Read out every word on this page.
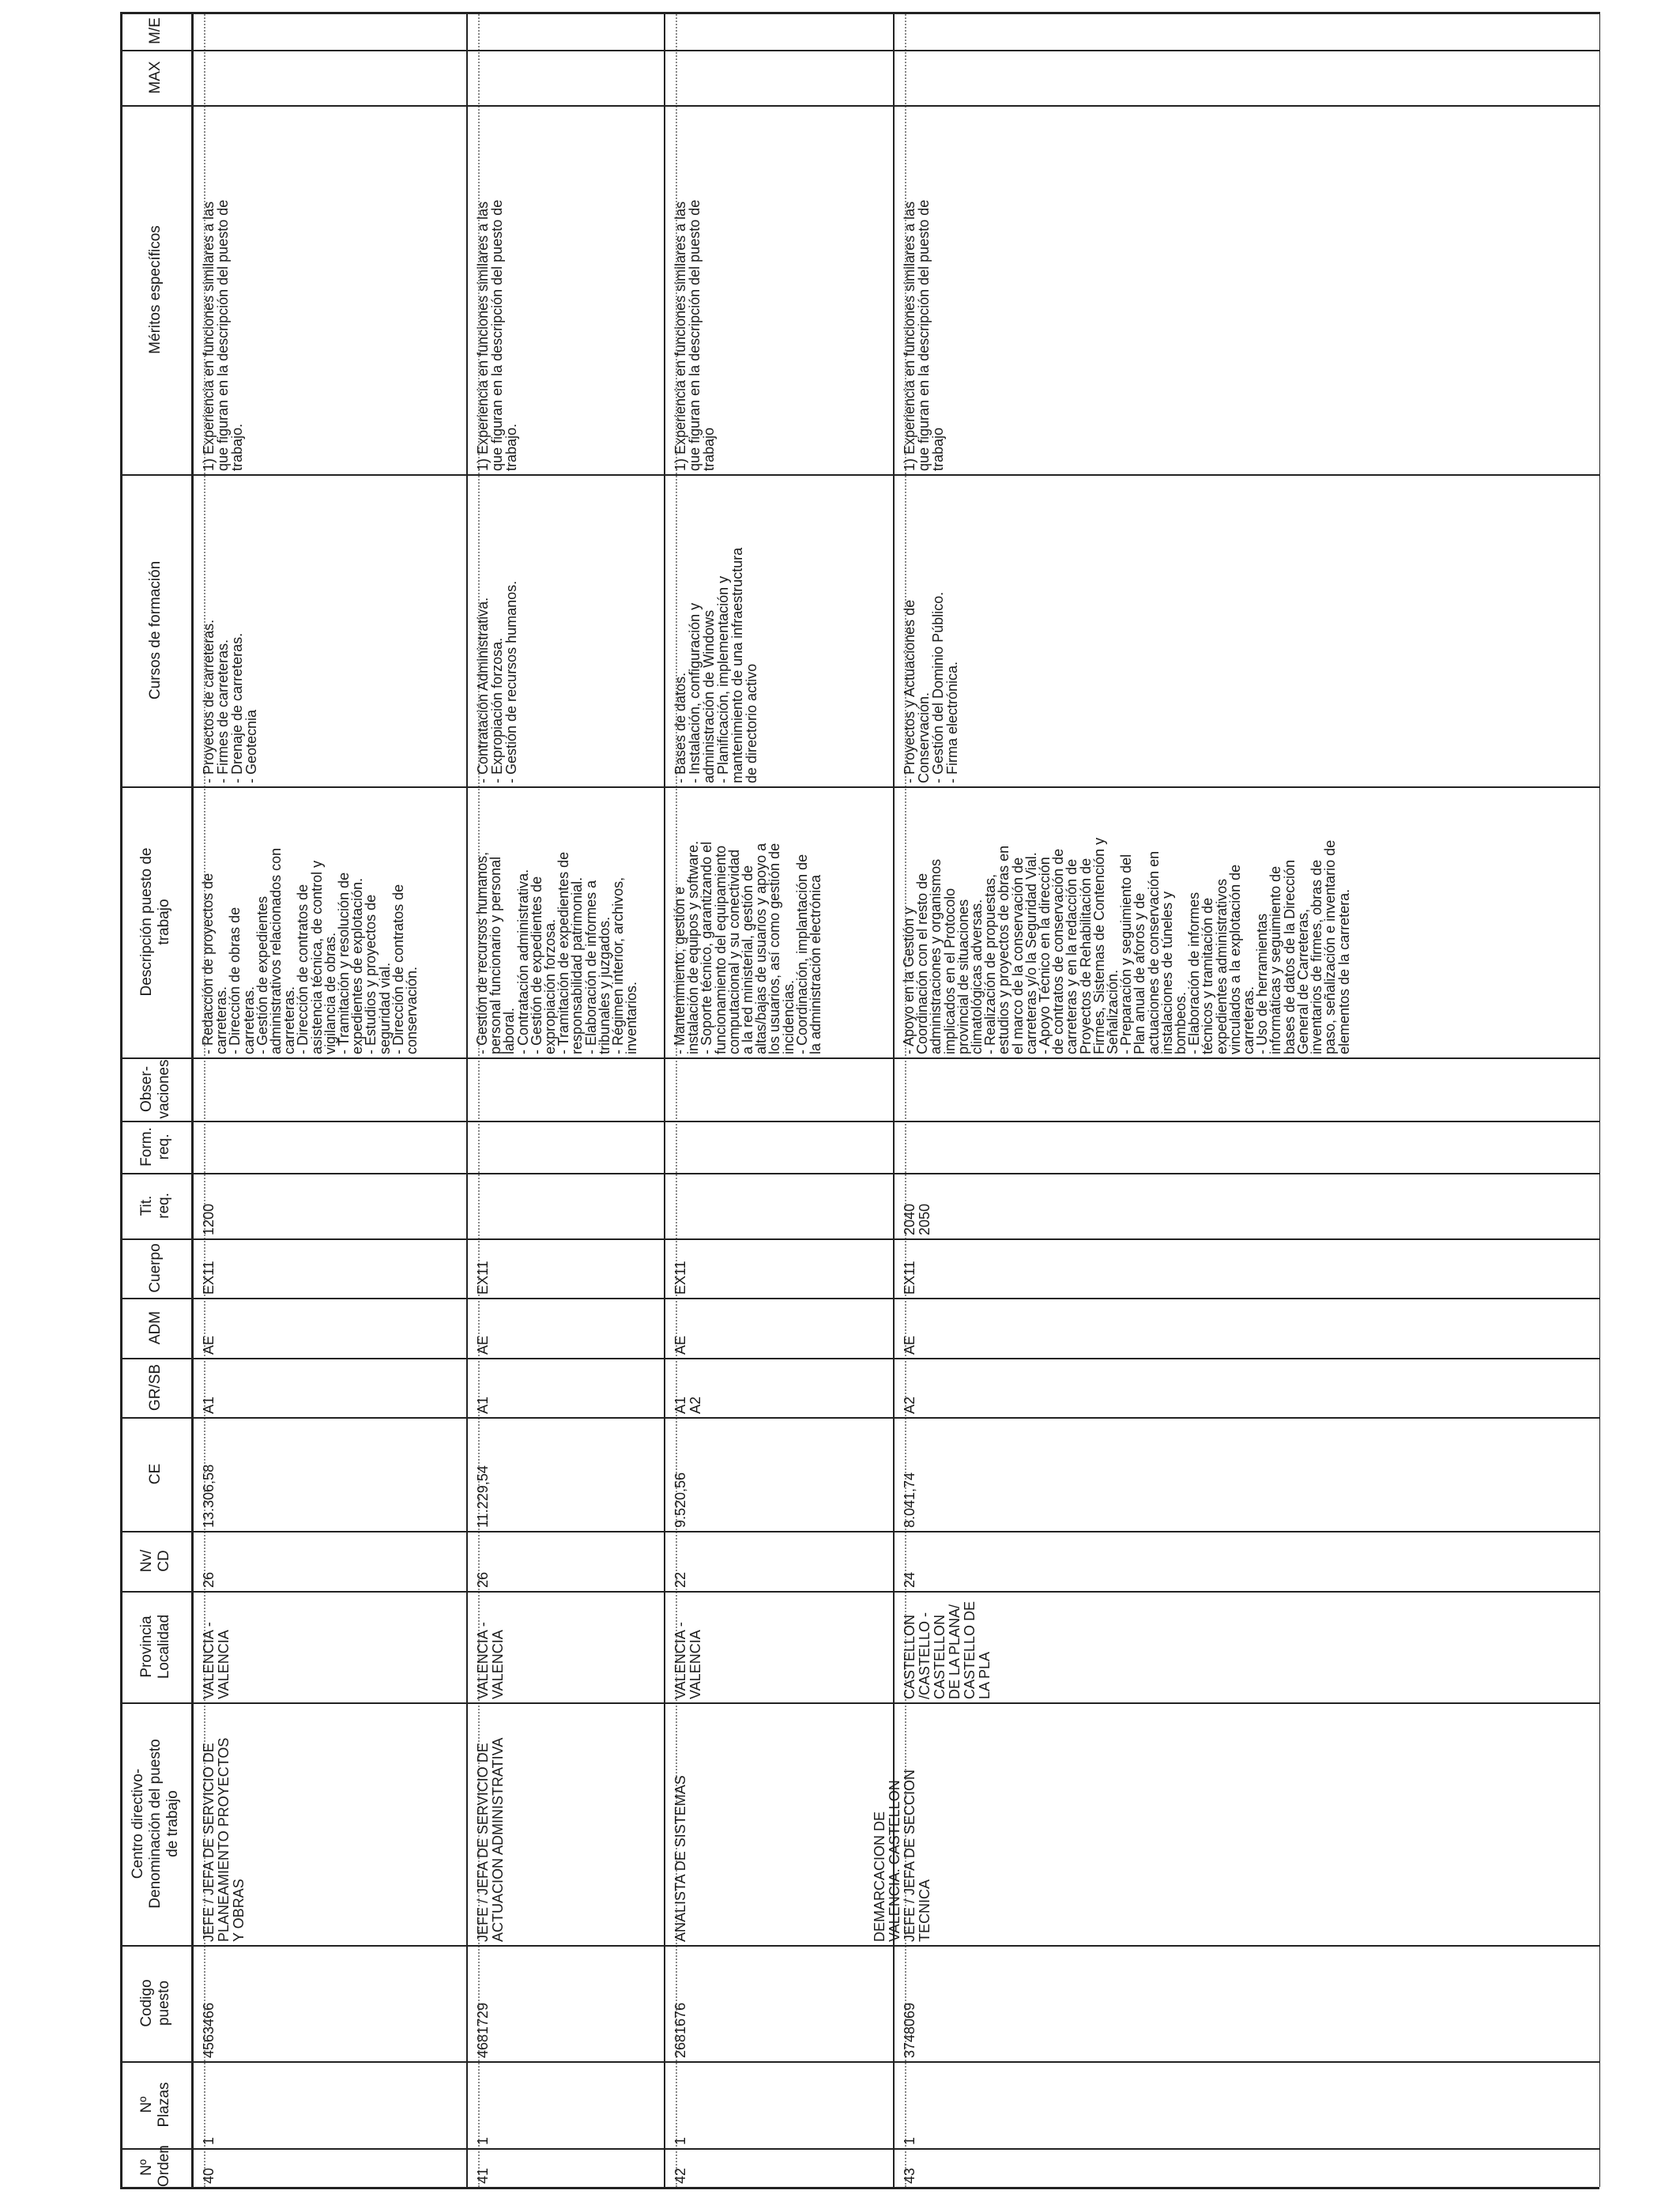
Nº
Orden
Nº
Plazas
Codigo
puesto
Centro directivo-
Denominación del puesto
de trabajo
Provincia
Localidad
Nv/
CD
CE
GR/SB
ADM
Cuerpo
Tit.
req.
Form.
req.
Obser-
vaciones
Descripción puesto de
trabajo
Cursos de formación
Méritos específicos
MAX
M/E
40
1
4563466
JEFE / JEFA DE SERVICIO DE
PLANEAMIENTO PROYECTOS
Y OBRAS
VALENCIA -
VALENCIA
26
13.306,58
A1
AE
EX11
1200
- Redacción de proyectos de
carreteras.
- Dirección de obras de
carreteras.
- Gestión de expedientes
administrativos relacionados con
carreteras.
- Dirección de contratos de
asistencia técnica, de control y
vigilancia de obras.
- Tramitación y resolución de
expedientes de explotación.
- Estudios y proyectos de
seguridad vial.
- Dirección de contratos de
conservación.
- Proyectos de carreteras.
- Firmes de carreteras.
- Drenaje de carreteras.
- Geotecnia
1) Experiencia en funciones similares a las
que figuran en la descripción del puesto de
trabajo.
41
1
4681729
JEFE / JEFA DE SERVICIO DE
ACTUACION ADMINISTRATIVA
VALENCIA -
VALENCIA
26
11.229,54
A1
AE
EX11
- Gestión de recursos humanos,
personal funcionario y personal
laboral.
- Contratación administrativa.
- Gestión de expedientes de
expropiación forzosa.
- Tramitación de expedientes de
responsabilidad patrimonial.
- Elaboración de informes a
tribunales y juzgados.
- Régimen interior, archivos,
inventarios.
- Contratación Administrativa.
- Expropiación forzosa.
- Gestión de recursos humanos.
1) Experiencia en funciones similares a las
que figuran en la descripción del puesto de
trabajo.
42
1
2681676
ANALISTA DE SISTEMAS
VALENCIA -
VALENCIA
22
9.520,56
A1
A2
AE
EX11
- Mantenimiento, gestión e
instalación de equipos y software.
- Soporte técnico, garantizando el
funcionamiento del equipamiento
computacional y su conectividad
a la red ministerial, gestión de
altas/bajas de usuarios y apoyo a
los usuarios, así como gestión de
incidencias.
- Coordinación, implantación de
la administración electrónica
- Bases de datos.
- Instalación, configuración y
administración de Windows
- Planificación, implementación y
mantenimiento de una infraestructura
de directorio activo
1) Experiencia en funciones similares a las
que figuran en la descripción del puesto de
trabajo
43
1
3748069
JEFE / JEFA DE SECCION
TECNICA
DEMARCACION DE
VALENCIA. CASTELLON
CASTELLON
/CASTELLO -
CASTELLON
DE LA PLANA/
CASTELLO DE
LA PLA
24
8.041,74
A2
AE
EX11
2040
2050
- Apoyo en la Gestión y
Coordinación con el resto de
administraciones y organismos
implicados en el Protocolo
provincial de situaciones
climatológicas adversas.
- Realización de propuestas,
estudios y proyectos de obras en
el marco de la conservación de
carreteras y/o la Seguridad Vial.
- Apoyo Técnico en la dirección
de contratos de conservación de
carreteras y en la redacción de
Proyectos de Rehabilitación de
Firmes, Sistemas de Contención y
Señalización.
- Preparación y seguimiento del
Plan anual de aforos y de
actuaciones de conservación en
instalaciones de túneles y
bombeos.
- Elaboración de informes
técnicos y tramitación de
expedientes administrativos
vinculados a la explotación de
carreteras.
- Uso de herramientas
informáticas y seguimiento de
bases de datos de la Dirección
General de Carreteras,
inventarios de firmes, obras de
paso, señalización e inventario de
elementos de la carretera.
- Proyectos y Actuaciones de
Conservación.
- Gestión del Dominio Público.
- Firma electrónica.
1) Experiencia en funciones similares a las
que figuran en la descripción del puesto de
trabajo
